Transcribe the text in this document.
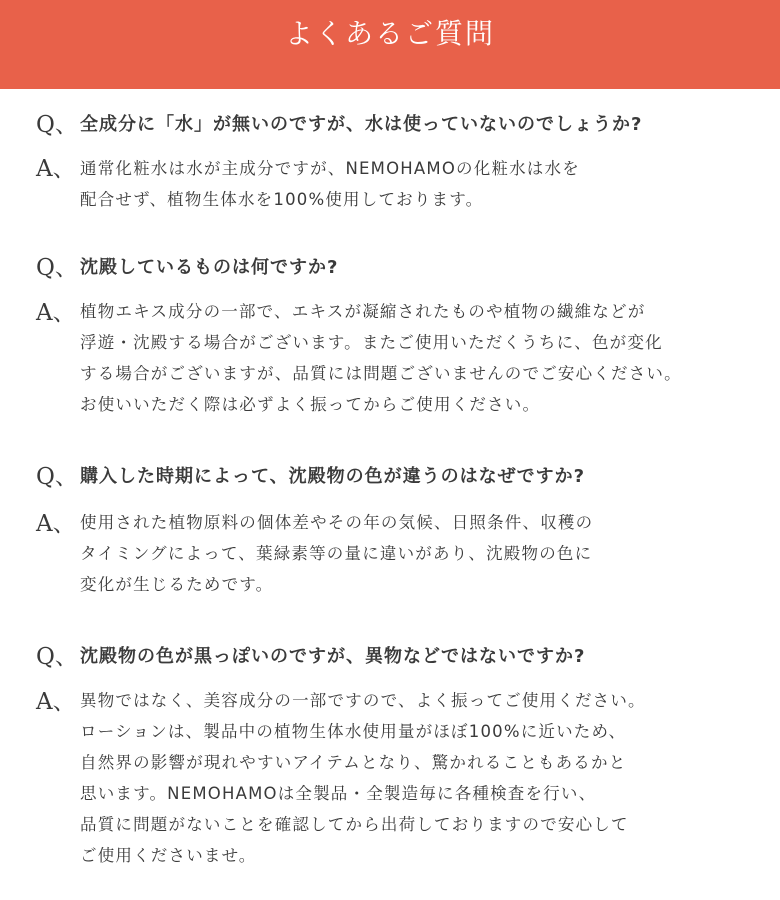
よくあるご質問
Q、 全成分に「水」が無いのですが、水は使っていないのでしょうか?
A、 通常化粧水は水が主成分ですが、NEMOHAMOの化粧水は水を
配合せず、植物生体水を100%使用しております。
Q、 沈殿しているものは何ですか?
A、 植物エキス成分の一部で、エキスが凝縮されたものや植物の繊維などが
浮遊・沈殿する場合がございます。またご使用いただくうちに、色が変化
する場合がございますが、品質には問題ございませんのでご安心ください。
お使いいただく際は必ずよく振ってからご使用ください。
Q、 購入した時期によって、沈殿物の色が違うのはなぜですか?
A、 使用された植物原料の個体差やその年の気候、日照条件、収穫の
タイミングによって、葉緑素等の量に違いがあり、沈殿物の色に
変化が生じるためです。
Q、 沈殿物の色が黒っぽいのですが、異物などではないですか?
A、 異物ではなく、美容成分の一部ですので、よく振ってご使用ください。
ローションは、製品中の植物生体水使用量がほぼ100%に近いため、
自然界の影響が現れやすいアイテムとなり、驚かれることもあるかと
思います。NEMOHAMOは全製品・全製造毎に各種検査を行い、
品質に問題がないことを確認してから出荷しておりますので安心して
ご使用くださいませ。
